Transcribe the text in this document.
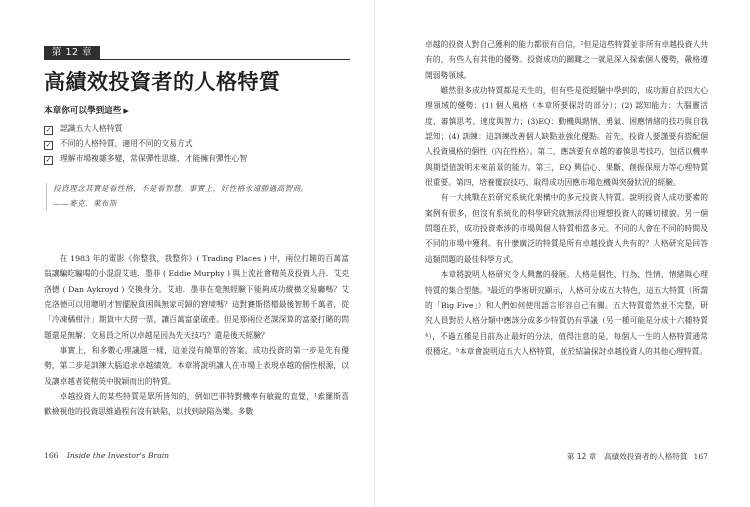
第 12 章
高績效投資者的人格特質
本章你可以學到這些 ▶
✓ 認識五大人格特質
✓ 不同的人格特質，適用不同的交易方式
✓ 理解市場複雜多變，常保彈性思維、才能擁有彈性心智
投資理念其實是看性格，不是看智慧。事實上，好性格永遠勝過高智商。
——麥克．萊布斯

在 1983 年的電影《你整我，我整你》( Trading Places ) 中，兩位打賭的百萬富翁讓騙吃騙喝的小混混艾迪．墨菲 ( Eddie Murphy ) 與上流社會精英及投資人丹．艾克洛德 ( Dan Aykroyd ) 交換身分。艾迪．墨菲在毫無經驗下能夠成功縱橫交易廳嗎？艾克洛德可以用聰明才智擺脫貧困與無家可歸的窘境嗎？這對賽斯搭檔最後智勝千萬者，從「冷凍橘柑汁」期貨中大撈一票，讓百萬富豪破產。但是那兩位老謀深算的富豪打賭的問題還是無解：交易員之所以卓越是因為先天技巧？還是後天經驗？

事實上，和多數心理議題一樣，這並沒有簡單的答案。成功投資的第一步是先有優勢，第二步是訓練大腦追求卓越績效。本章將說明讓人在市場上表現卓越的個性根源，以及讓卓越者從精英中脫穎而出的特質。

卓越投資人的某些特質是眾所皆知的，例如巴菲特對機率有敏銳的直覺，¹索羅斯喜歡檢視他的投資思維過程有沒有缺陷，以找到缺陷為樂。多數

166 Inside the Investor's Brain

卓越的投資人對自己獲利的能力都很有自信，²但是這些特質並非所有卓越投資人共有的，有些人有其他的優勢。投資成功的關鍵之一就是深入探索個人優勢，嚴格遵開弱勢領域。

雖然很多成功特質都是天生的，但有些是從經驗中學到的，成功源自於四大心理領域的優勢：(1) 個人風格（本章所要探討的部分）；(2) 認知能力：大腦靈活度、審慎思考、速度與智力；(3)EQ：動機與熱情、勇氣、困應情緒的技巧與自我認知；(4) 訓練：這訓練改善個人缺點並強化優點。首先，投資人要謹要有搭配個人投資風格的個性（內在性格）。第二，應該要有卓越的審慎思考技巧，包括以機率與期望值說明未來前景的能力。第三，EQ 興信心、果斷、創振保原力等心理特質很重要。第四，培養覆寂技巧，取得成功因應市場危機與突發狀況的經驗。

有一大挑戰在於研究系統化架構中的多元投資人特質。說明投資人成功要素的案例有很多，但沒有系統化的科學研究就無法得出理想投資人的確切樣貌。另一個問題在於，成功投資牽涉的市場與個人特質相當多元。不同的人會在不同的時間及不同的市場中獲利。有什麼廣泛的特質是所有卓越投資人共有的？人格研究是回答這類問題的最佳科學方式。

本章將說明人格研究令人興奮的發展。人格是個性、行為、性情、情緒與心理特質的集合型態。³最近的學術研究顯示，人格可分成五大特色，這五大特質（所謂的「Big Five」）和人們如何使用語言形容自己有關。五大特質當然並不完整，研究人員對於人格分類中應該分成多少特質仍有爭議（另一種可能是分成十六種特質⁴），不過五種是目前為止最好的分法，值得注意的是，每個人一生的人格特質通常很穩定。⁵本章會說明這五大人格特質，並於結論探討卓越投資人的其他心理特質。

第 12 章　高績效投資者的人格特質 167
